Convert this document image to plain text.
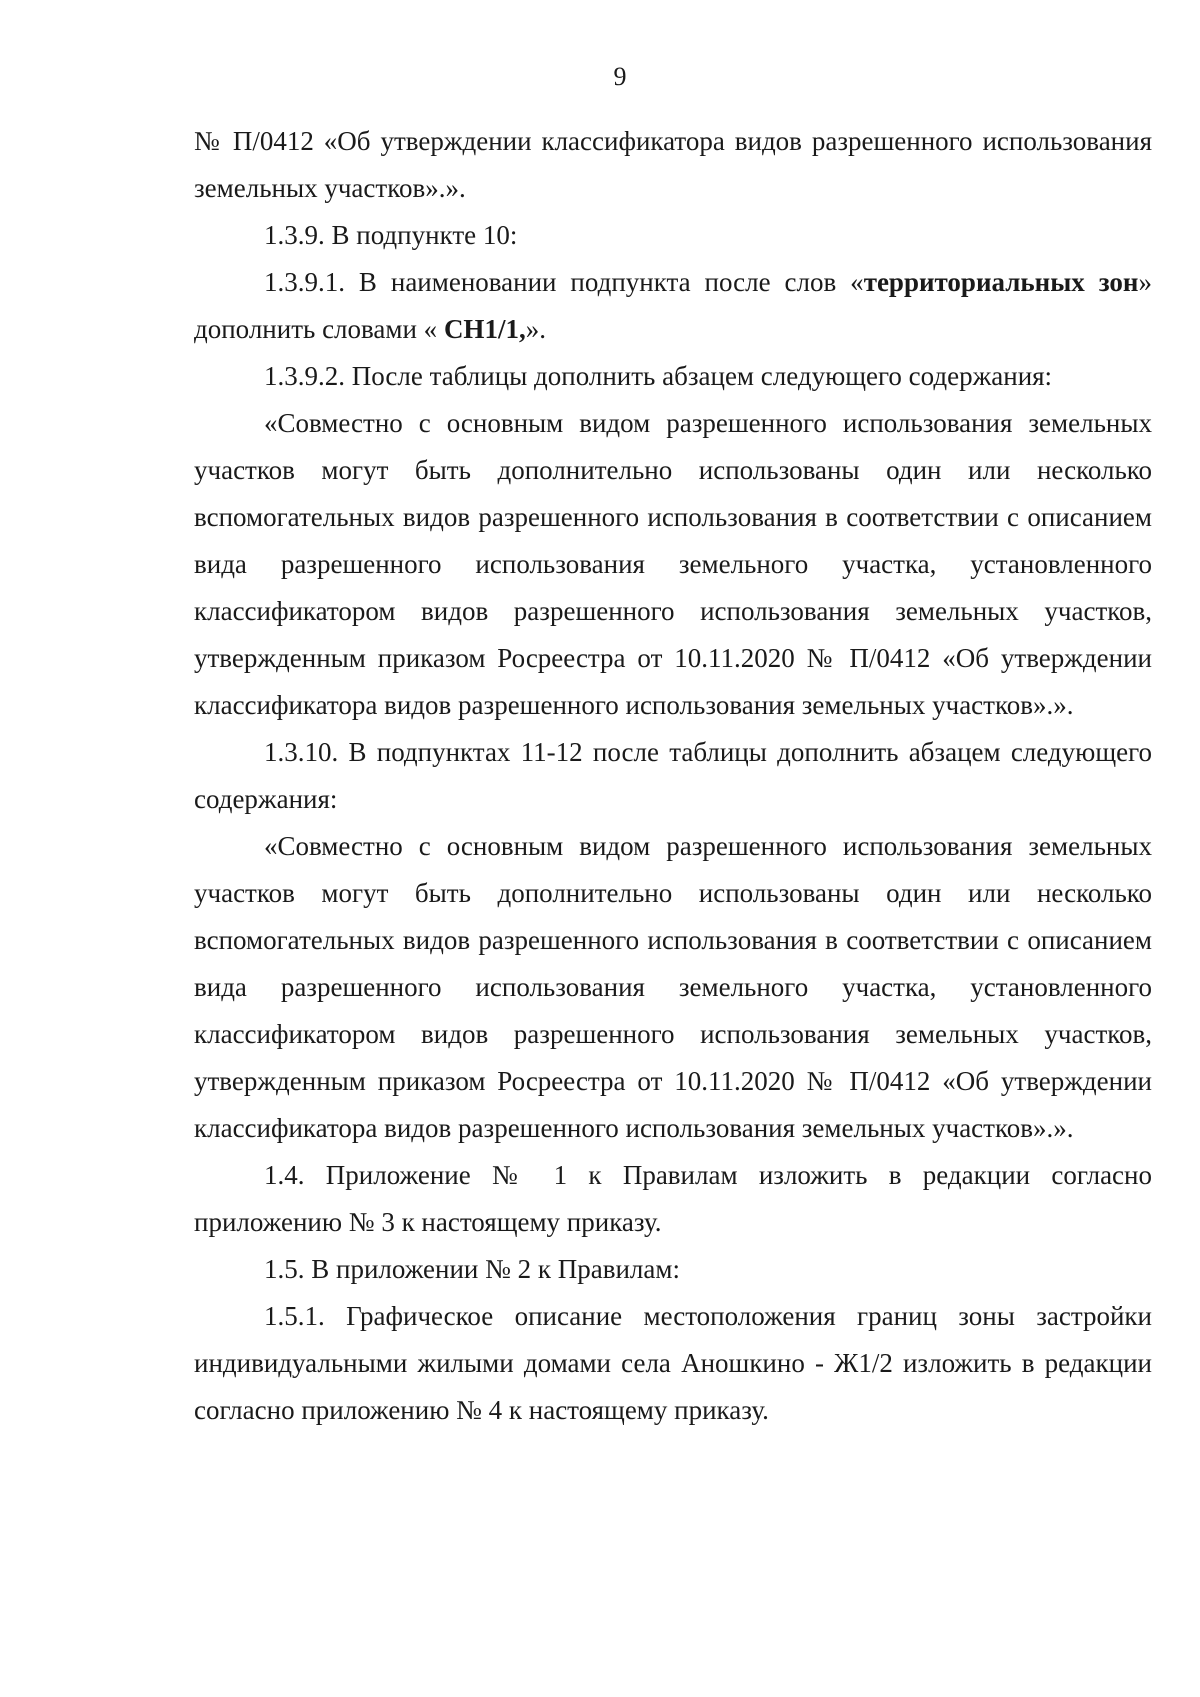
9

№ П/0412 «Об утверждении классификатора видов разрешенного использования земельных участков».».

1.3.9. В подпункте 10:

1.3.9.1. В наименовании подпункта после слов «территориальных зон» дополнить словами « СН1/1,».

1.3.9.2. После таблицы дополнить абзацем следующего содержания:

«Совместно с основным видом разрешенного использования земельных участков могут быть дополнительно использованы один или несколько вспомогательных видов разрешенного использования в соответствии с описанием вида разрешенного использования земельного участка, установленного классификатором видов разрешенного использования земельных участков, утвержденным приказом Росреестра от 10.11.2020 № П/0412 «Об утверждении классификатора видов разрешенного использования земельных участков».».

1.3.10. В подпунктах 11-12 после таблицы дополнить абзацем следующего содержания:

«Совместно с основным видом разрешенного использования земельных участков могут быть дополнительно использованы один или несколько вспомогательных видов разрешенного использования в соответствии с описанием вида разрешенного использования земельного участка, установленного классификатором видов разрешенного использования земельных участков, утвержденным приказом Росреестра от 10.11.2020 № П/0412 «Об утверждении классификатора видов разрешенного использования земельных участков».».

1.4. Приложение № 1 к Правилам изложить в редакции согласно приложению № 3 к настоящему приказу.

1.5. В приложении № 2 к Правилам:

1.5.1. Графическое описание местоположения границ зоны застройки индивидуальными жилыми домами села Аношкино - Ж1/2 изложить в редакции согласно приложению № 4 к настоящему приказу.
